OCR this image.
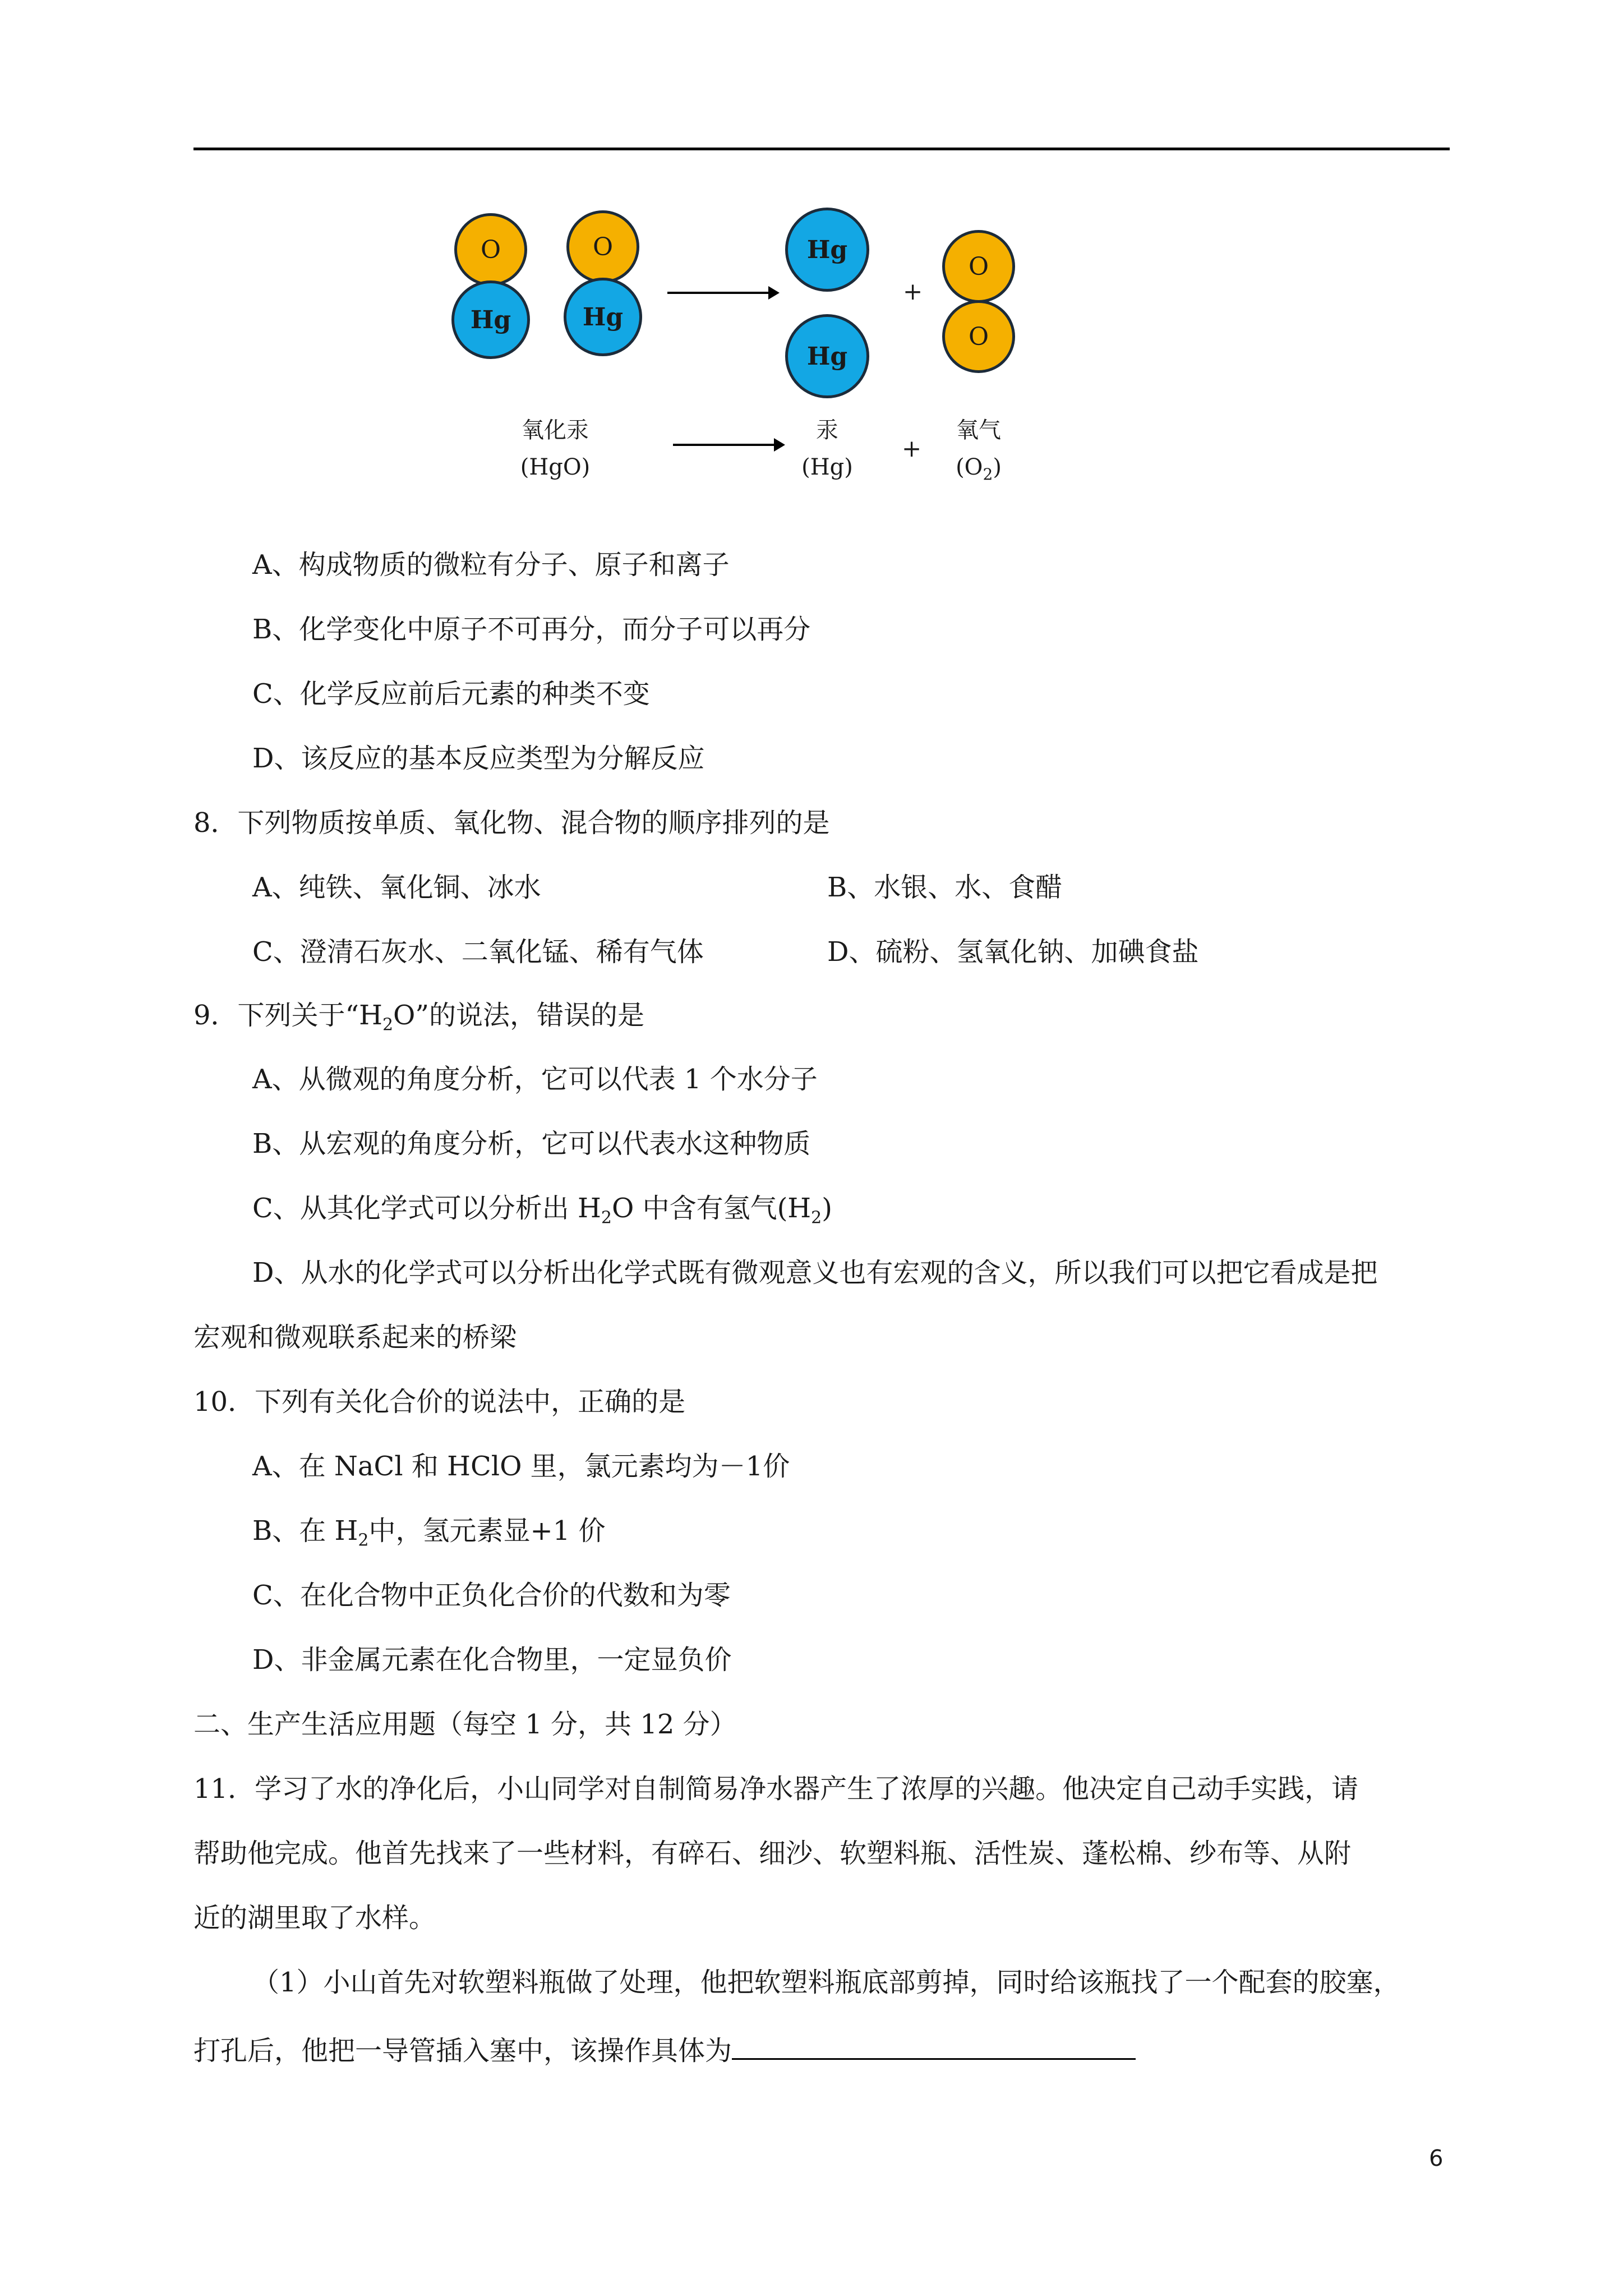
O
Hg
O
Hg
Hg
Hg
+
O
O
氧化汞
(HgO)
汞
(Hg)
+
氧气
$(O_2)$
A、构成物质的微粒有分子、原子和离子
B、化学变化中原子不可再分，而分子可以再分
C、化学反应前后元素的种类不变
D、该反应的基本反应类型为分解反应
8．下列物质按单质、氧化物、混合物的顺序排列的是
A、纯铁、氧化铜、冰水	B、水银、水、食醋
C、澄清石灰水、二氧化锰、稀有气体	D、硫粉、氢氧化钠、加碘食盐
9．下列关于“$H_2O$”的说法，错误的是
A、从微观的角度分析，它可以代表 1 个水分子
B、从宏观的角度分析，它可以代表水这种物质
C、从其化学式可以分析出 $H_2O$ 中含有氢气$(H_2)$
D、从水的化学式可以分析出化学式既有微观意义也有宏观的含义，所以我们可以把它看成是把
宏观和微观联系起来的桥梁
10．下列有关化合价的说法中，正确的是
A、在 NaCl 和 HClO 里，氯元素均为－1价
B、在 $H_2$中，氢元素显+1 价
C、在化合物中正负化合价的代数和为零
D、非金属元素在化合物里，一定显负价
二、生产生活应用题（每空 1 分，共 12 分）
11．学习了水的净化后，小山同学对自制简易净水器产生了浓厚的兴趣。他决定自己动手实践，请
帮助他完成。他首先找来了一些材料，有碎石、细沙、软塑料瓶、活性炭、蓬松棉、纱布等、从附
近的湖里取了水样。
（1）小山首先对软塑料瓶做了处理，他把软塑料瓶底部剪掉，同时给该瓶找了一个配套的胶塞，
打孔后，他把一导管插入塞中，该操作具体为
6
